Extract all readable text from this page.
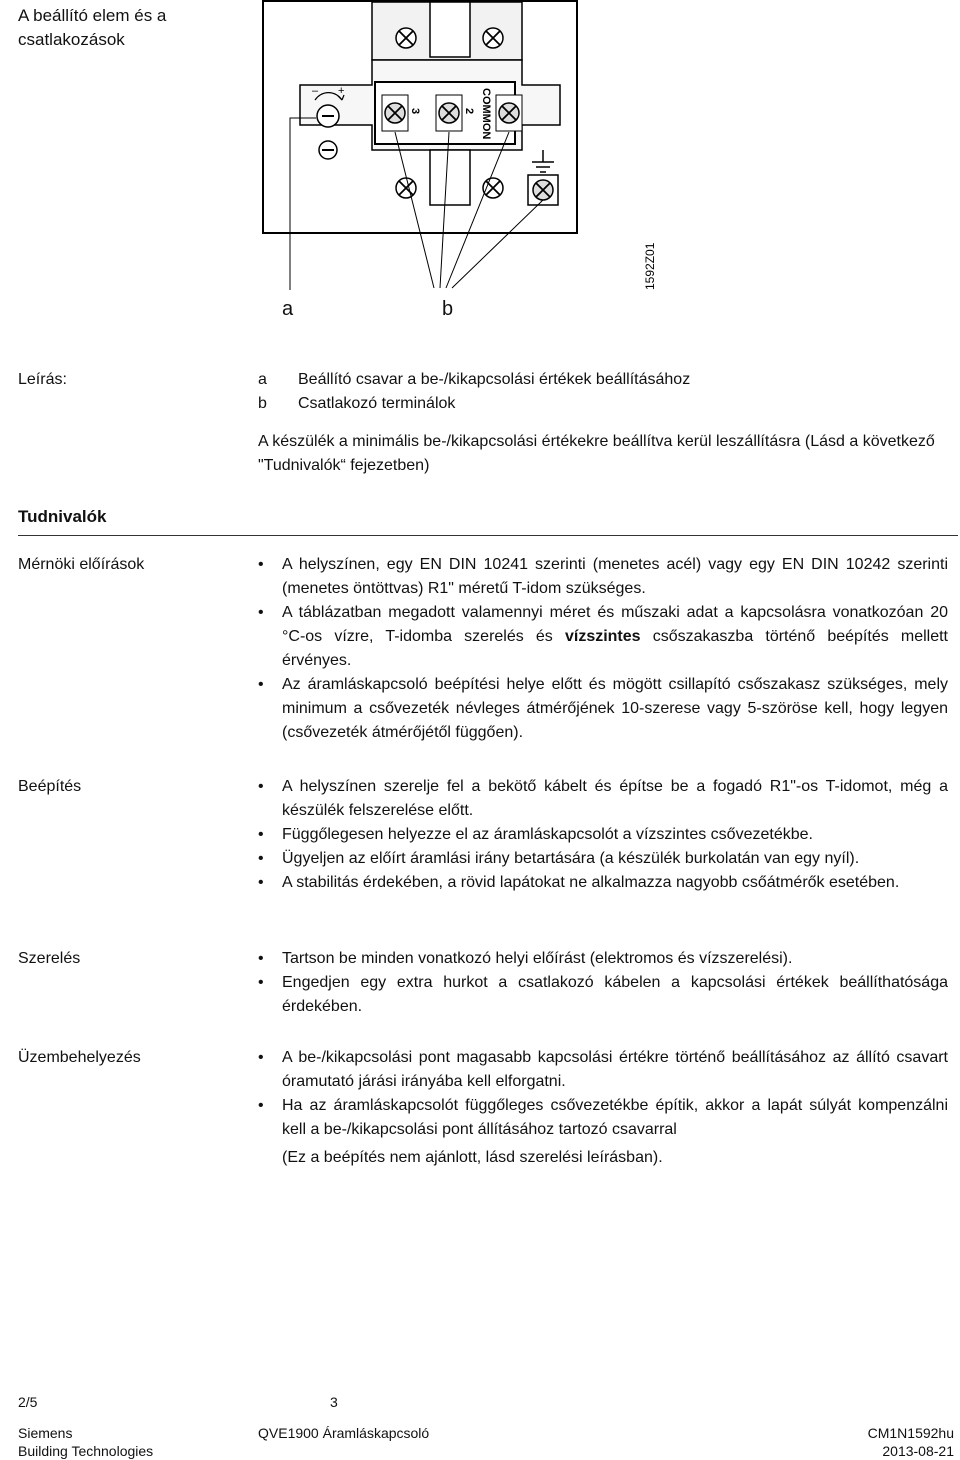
A beállító elem és a csatlakozások
3	2 COMMON
– +
1592Z01
a	b
Leírás:	a	Beállító csavar a be-/kikapcsolási értékek beállításához
b	Csatlakozó terminálok
A készülék a minimális be-/kikapcsolási értékekre beállítva kerül leszállításra (Lásd a következő "Tudnivalók“ fejezetben)
Tudnivalók
Mérnöki előírások	• A helyszínen, egy EN DIN 10241 szerinti (menetes acél) vagy egy EN DIN 10242 szerinti (menetes öntöttvas) R1" méretű T-idom szükséges.
• A táblázatban megadott valamennyi méret és műszaki adat a kapcsolásra vonatkozóan 20 °C-os vízre, T-idomba szerelés és vízszintes csőszakaszba történő beépítés mellett érvényes.
• Az áramláskapcsoló beépítési helye előtt és mögött csillapító csőszakasz szükséges, mely minimum a csővezeték névleges átmérőjének 10-szerese vagy 5-szöröse kell, hogy legyen (csővezeték átmérőjétől függően).
Beépítés	• A helyszínen szerelje fel a bekötő kábelt és építse be a fogadó R1"-os T-idomot, még a készülék felszerelése előtt.
• Függőlegesen helyezze el az áramláskapcsolót a vízszintes csővezetékbe.
• Ügyeljen az előírt áramlási irány betartására (a készülék burkolatán van egy nyíl).
• A stabilitás érdekében, a rövid lapátokat ne alkalmazza nagyobb csőátmérők esetében.
Szerelés	• Tartson be minden vonatkozó helyi előírást (elektromos és vízszerelési).
• Engedjen egy extra hurkot a csatlakozó kábelen a kapcsolási értékek beállíthatósága érdekében.
Üzembehelyezés	• A be-/kikapcsolási pont magasabb kapcsolási értékre történő beállításához az állító csavart óramutató járási irányába kell elforgatni.
• Ha az áramláskapcsolót függőleges csővezetékbe építik, akkor a lapát súlyát kompenzálni kell a be-/kikapcsolási pont állításához tartozó csavarral
(Ez a beépítés nem ajánlott, lásd szerelési leírásban).
2/5	3
Siemens
Building Technologies
QVE1900 Áramláskapcsoló	CM1N1592hu
2013-08-21
